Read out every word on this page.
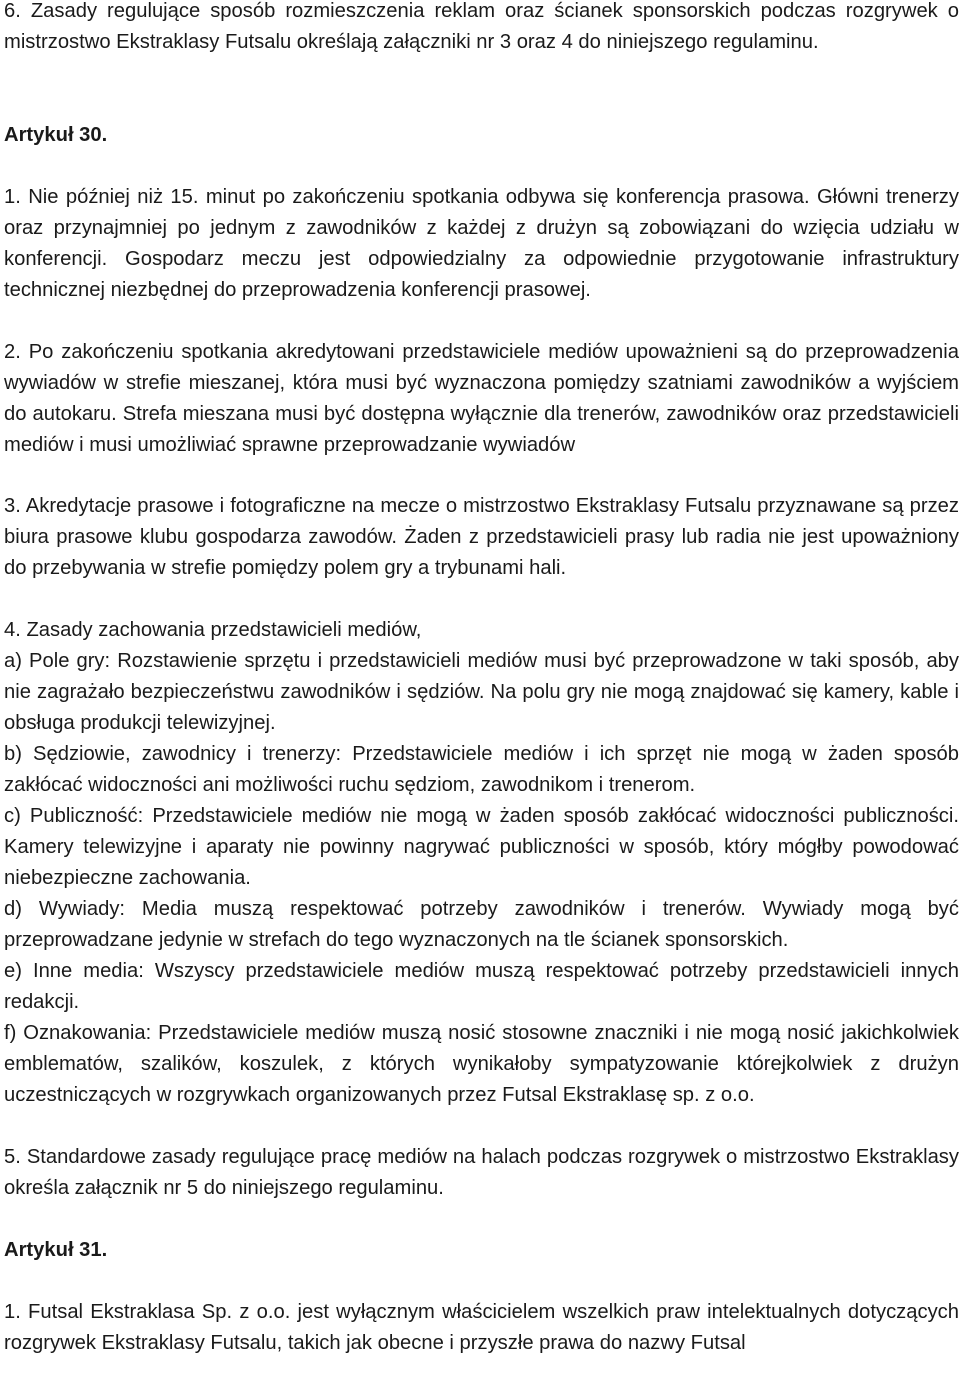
6. Zasady regulujące sposób rozmieszczenia reklam oraz ścianek sponsorskich podczas rozgrywek o mistrzostwo Ekstraklasy Futsalu określają załączniki nr 3 oraz 4 do niniejszego regulaminu.

Artykuł 30.

1. Nie później niż 15. minut po zakończeniu spotkania odbywa się konferencja prasowa. Główni trenerzy oraz przynajmniej po jednym z zawodników z każdej z drużyn są zobowiązani do wzięcia udziału w konferencji. Gospodarz meczu jest odpowiedzialny za odpowiednie przygotowanie infrastruktury technicznej niezbędnej do przeprowadzenia konferencji prasowej.

2. Po zakończeniu spotkania akredytowani przedstawiciele mediów upoważnieni są do przeprowadzenia wywiadów w strefie mieszanej, która musi być wyznaczona pomiędzy szatniami zawodników a wyjściem do autokaru. Strefa mieszana musi być dostępna wyłącznie dla trenerów, zawodników oraz przedstawicieli mediów i musi umożliwiać sprawne przeprowadzanie wywiadów

3. Akredytacje prasowe i fotograficzne na mecze o mistrzostwo Ekstraklasy Futsalu przyznawane są przez biura prasowe klubu gospodarza zawodów. Żaden z przedstawicieli prasy lub radia nie jest upoważniony do przebywania w strefie pomiędzy polem gry a trybunami hali.

4. Zasady zachowania przedstawicieli mediów,

a) Pole gry: Rozstawienie sprzętu i przedstawicieli mediów musi być przeprowadzone w taki sposób, aby nie zagrażało bezpieczeństwu zawodników i sędziów. Na polu gry nie mogą znajdować się kamery, kable i obsługa produkcji telewizyjnej.

b) Sędziowie, zawodnicy i trenerzy: Przedstawiciele mediów i ich sprzęt nie mogą w żaden sposób zakłócać widoczności ani możliwości ruchu sędziom, zawodnikom i trenerom.

c) Publiczność: Przedstawiciele mediów nie mogą w żaden sposób zakłócać widoczności publiczności. Kamery telewizyjne i aparaty nie powinny nagrywać publiczności w sposób, który mógłby powodować niebezpieczne zachowania.

d) Wywiady: Media muszą respektować potrzeby zawodników i trenerów. Wywiady mogą być przeprowadzane jedynie w strefach do tego wyznaczonych na tle ścianek sponsorskich.

e) Inne media: Wszyscy przedstawiciele mediów muszą respektować potrzeby przedstawicieli innych redakcji.

f) Oznakowania: Przedstawiciele mediów muszą nosić stosowne znaczniki i nie mogą nosić jakichkolwiek emblematów, szalików, koszulek, z których wynikałoby sympatyzowanie którejkolwiek z drużyn uczestniczących w rozgrywkach organizowanych przez Futsal Ekstraklasę sp. z o.o.

5. Standardowe zasady regulujące pracę mediów na halach podczas rozgrywek o mistrzostwo Ekstraklasy określa załącznik nr 5 do niniejszego regulaminu.

Artykuł 31.

1. Futsal Ekstraklasa Sp. z o.o. jest wyłącznym właścicielem wszelkich praw intelektualnych dotyczących rozgrywek Ekstraklasy Futsalu, takich jak obecne i przyszłe prawa do nazwy Futsal
